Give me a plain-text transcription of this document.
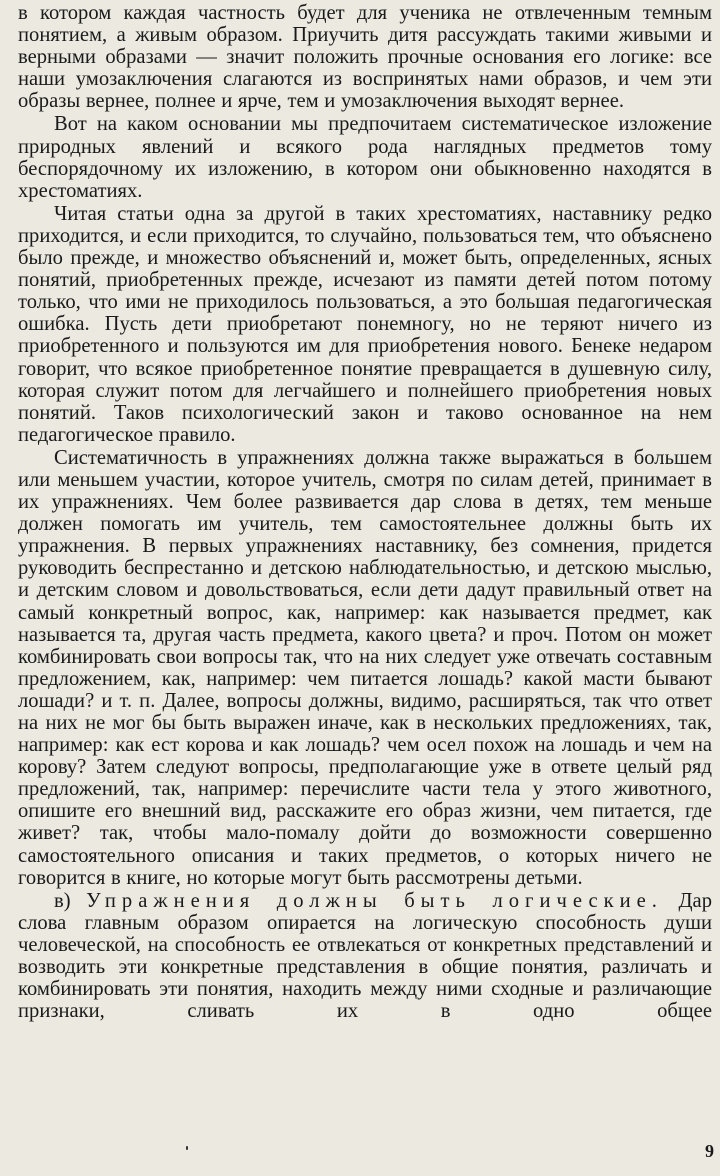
в котором каждая частность будет для ученика не отвлеченным темным понятием, а живым образом. Приучить дитя рассуждать такими живыми и верными образами — значит положить прочные основания его логике: все наши умозаключения слагаются из воспринятых нами образов, и чем эти образы вернее, полнее и ярче, тем и умозаключения выходят вернее.

Вот на каком основании мы предпочитаем систематическое изложение природных явлений и всякого рода наглядных предметов тому беспорядочному их изложению, в котором они обыкновенно находятся в хрестоматиях.

Читая статьи одна за другой в таких хрестоматиях, наставнику редко приходится, и если приходится, то случайно, пользоваться тем, что объяснено было прежде, и множество объяснений и, может быть, определенных, ясных понятий, приобретенных прежде, исчезают из памяти детей потом потому только, что ими не приходилось пользоваться, а это большая педагогическая ошибка. Пусть дети приобретают понемногу, но не теряют ничего из приобретенного и пользуются им для приобретения нового. Бенеке недаром говорит, что всякое приобретенное понятие превращается в душевную силу, которая служит потом для легчайшего и полнейшего приобретения новых понятий. Таков психологический закон и таково основанное на нем педагогическое правило.

Систематичность в упражнениях должна также выражаться в большем или меньшем участии, которое учитель, смотря по силам детей, принимает в их упражнениях. Чем более развивается дар слова в детях, тем меньше должен помогать им учитель, тем самостоятельнее должны быть их упражнения. В первых упражнениях наставнику, без сомнения, придется руководить беспрестанно и детскою наблюдательностью, и детскою мыслью, и детским словом и довольствоваться, если дети дадут правильный ответ на самый конкретный вопрос, как, например: как называется предмет, как называется та, другая часть предмета, какого цвета? и проч. Потом он может комбинировать свои вопросы так, что на них следует уже отвечать составным предложением, как, например: чем питается лошадь? какой масти бывают лошади? и т. п. Далее, вопросы должны, видимо, расширяться, так что ответ на них не мог бы быть выражен иначе, как в нескольких предложениях, так, например: как ест корова и как лошадь? чем осел похож на лошадь и чем на корову? Затем следуют вопросы, предполагающие уже в ответе целый ряд предложений, так, например: перечислите части тела у этого животного, опишите его внешний вид, расскажите его образ жизни, чем питается, где живет? так, чтобы мало-помалу дойти до возможности совершенно самостоятельного описания и таких предметов, о которых ничего не говорится в книге, но которые могут быть рассмотрены детьми.

в) Упражнения должны быть логические. Дар слова главным образом опирается на логическую способность души человеческой, на способность ее отвлекаться от конкретных представлений и возводить эти конкретные представления в общие понятия, различать и комбинировать эти понятия, находить между ними сходные и различающие признаки, сливать их в одно общее

9
